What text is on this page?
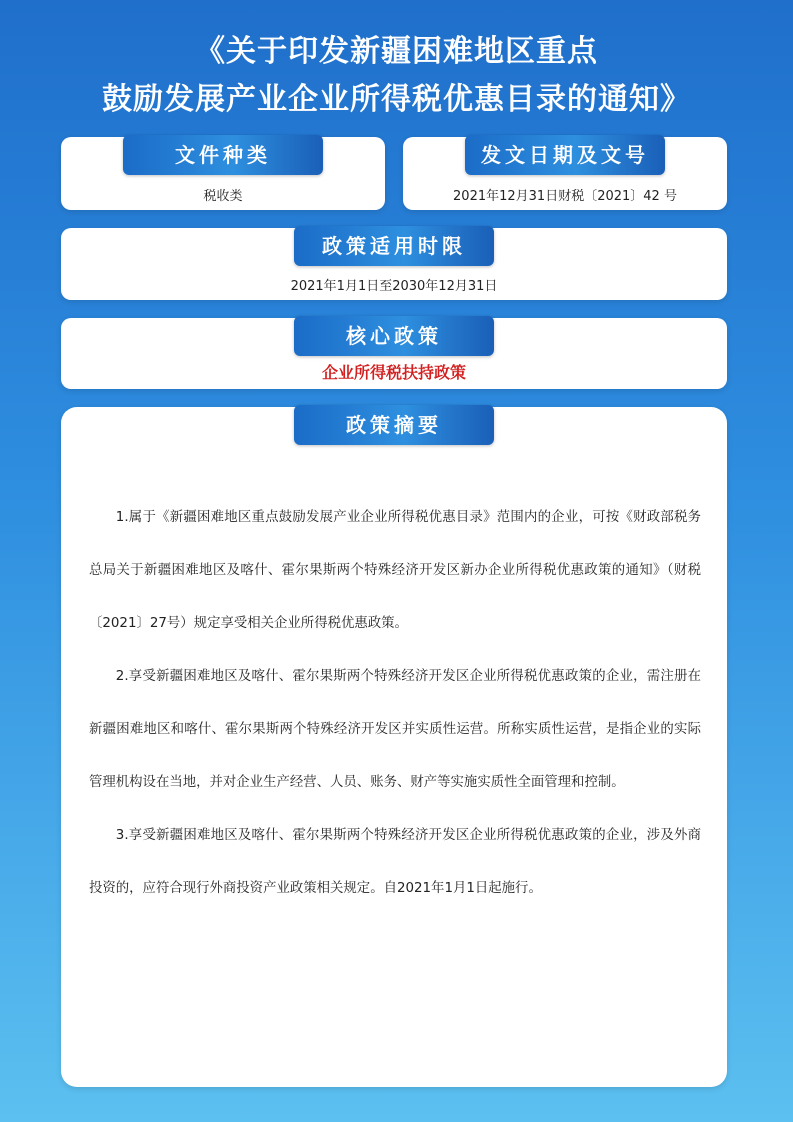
《关于印发新疆困难地区重点
鼓励发展产业企业所得税优惠目录的通知》
文件种类
税收类
发文日期及文号
2021年12月31日财税〔2021〕42 号
政策适用时限
2021年1月1日至2030年12月31日
核心政策
企业所得税扶持政策
政策摘要

1.属于《新疆困难地区重点鼓励发展产业企业所得税优惠目录》范围内的企业，可按《财政部税务总局关于新疆困难地区及喀什、霍尔果斯两个特殊经济开发区新办企业所得税优惠政策的通知》（财税〔2021〕27号）规定享受相关企业所得税优惠政策。

2.享受新疆困难地区及喀什、霍尔果斯两个特殊经济开发区企业所得税优惠政策的企业，需注册在新疆困难地区和喀什、霍尔果斯两个特殊经济开发区并实质性运营。所称实质性运营，是指企业的实际管理机构设在当地，并对企业生产经营、人员、账务、财产等实施实质性全面管理和控制。

3.享受新疆困难地区及喀什、霍尔果斯两个特殊经济开发区企业所得税优惠政策的企业，涉及外商投资的，应符合现行外商投资产业政策相关规定。自2021年1月1日起施行。
